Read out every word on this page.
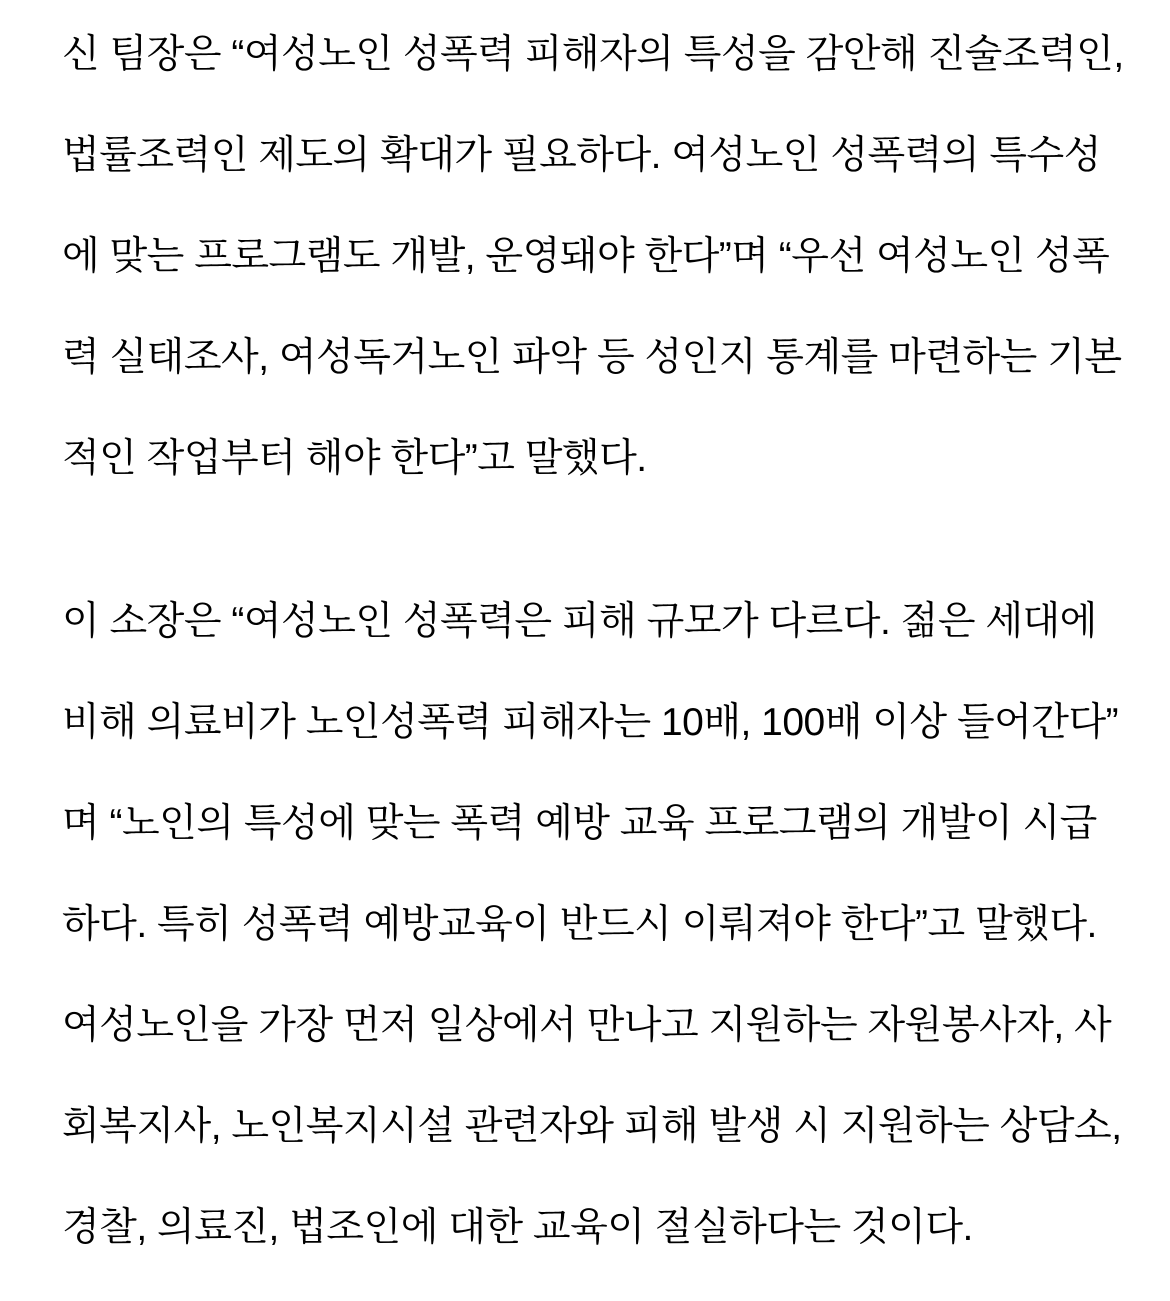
신 팀장은 “여성노인 성폭력 피해자의 특성을 감안해 진술조력인,
법률조력인 제도의 확대가 필요하다. 여성노인 성폭력의 특수성
에 맞는 프로그램도 개발, 운영돼야 한다”며 “우선 여성노인 성폭
력 실태조사, 여성독거노인 파악 등 성인지 통계를 마련하는 기본
적인 작업부터 해야 한다”고 말했다.

이 소장은 “여성노인 성폭력은 피해 규모가 다르다. 젊은 세대에
비해 의료비가 노인성폭력 피해자는 10배, 100배 이상 들어간다”
며 “노인의 특성에 맞는 폭력 예방 교육 프로그램의 개발이 시급
하다. 특히 성폭력 예방교육이 반드시 이뤄져야 한다”고 말했다.
여성노인을 가장 먼저 일상에서 만나고 지원하는 자원봉사자, 사
회복지사, 노인복지시설 관련자와 피해 발생 시 지원하는 상담소,
경찰, 의료진, 법조인에 대한 교육이 절실하다는 것이다.
